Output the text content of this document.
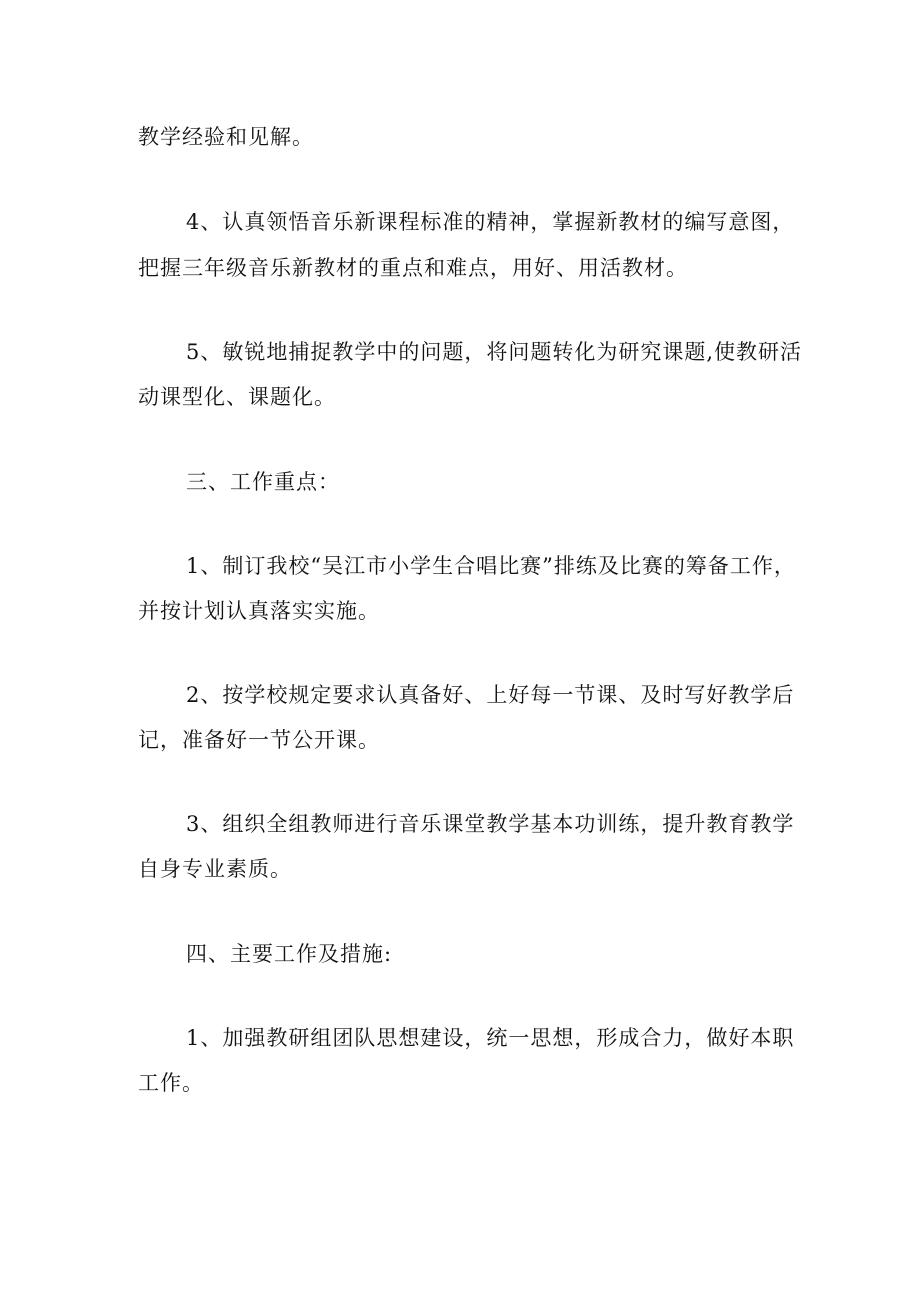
教学经验和见解。
4、认真领悟音乐新课程标准的精神，掌握新教材的编写意图，
把握三年级音乐新教材的重点和难点，用好、用活教材。
5、敏锐地捕捉教学中的问题，将问题转化为研究课题,使教研活
动课型化、课题化。
三、工作重点：
1、制订我校“吴江市小学生合唱比赛”排练及比赛的筹备工作，
并按计划认真落实实施。
2、按学校规定要求认真备好、上好每一节课、及时写好教学后
记，准备好一节公开课。
3、组织全组教师进行音乐课堂教学基本功训练，提升教育教学
自身专业素质。
四、主要工作及措施:
1、加强教研组团队思想建设，统一思想，形成合力，做好本职
工作。
